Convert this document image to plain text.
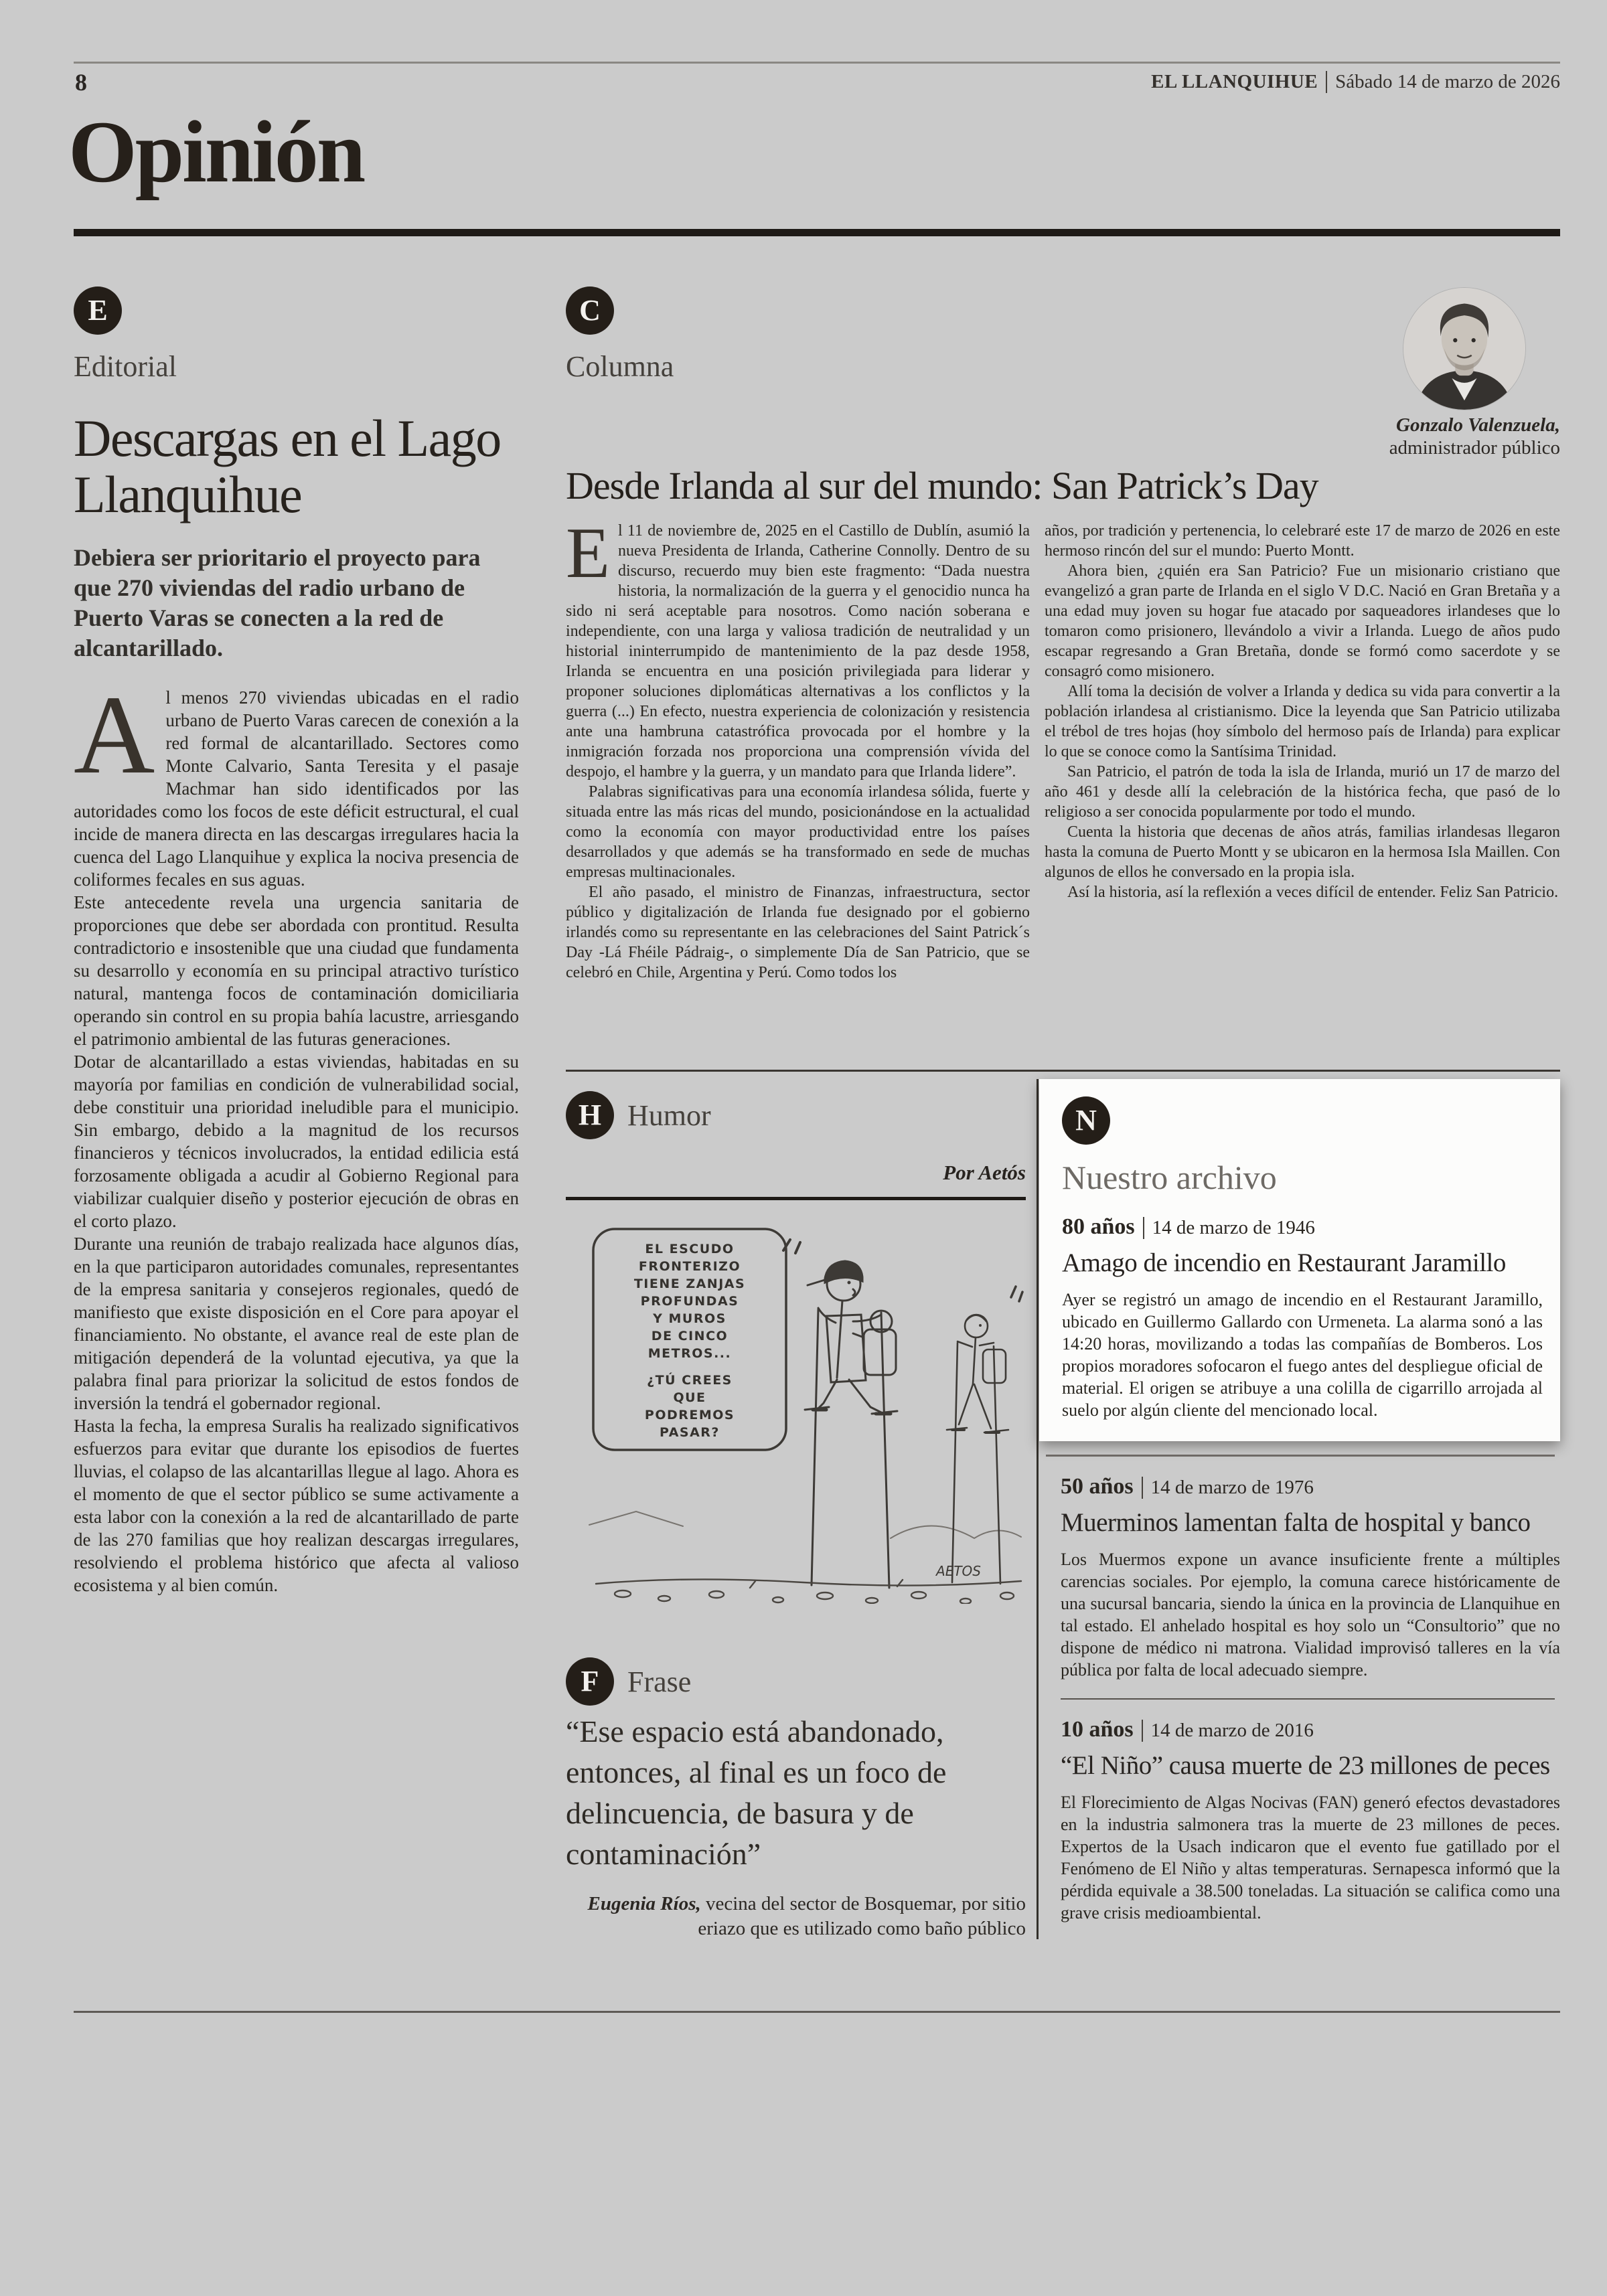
8	EL LLANQUIHUE Sábado 14 de marzo de 2026
Opinión
E
Editorial
Descargas en el Lago Llanquihue
Debiera ser prioritario el proyecto para que 270 viviendas del radio urbano de Puerto Varas se conecten a la red de alcantarillado.

Al menos 270 viviendas ubicadas en el radio urbano de Puerto Varas carecen de conexión a la red formal de alcantarillado. Sectores como Monte Calvario, Santa Teresita y el pasaje Machmar han sido identificados por las autoridades como los focos de este déficit estructural, el cual incide de manera directa en las descargas irregulares hacia la cuenca del Lago Llanquihue y explica la nociva presencia de coliformes fecales en sus aguas.

Este antecedente revela una urgencia sanitaria de proporciones que debe ser abordada con prontitud. Resulta contradictorio e insostenible que una ciudad que fundamenta su desarrollo y economía en su principal atractivo turístico natural, mantenga focos de contaminación domiciliaria operando sin control en su propia bahía lacustre, arriesgando el patrimonio ambiental de las futuras generaciones.

Dotar de alcantarillado a estas viviendas, habitadas en su mayoría por familias en condición de vulnerabilidad social, debe constituir una prioridad ineludible para el municipio. Sin embargo, debido a la magnitud de los recursos financieros y técnicos involucrados, la entidad edilicia está forzosamente obligada a acudir al Gobierno Regional para viabilizar cualquier diseño y posterior ejecución de obras en el corto plazo.

Durante una reunión de trabajo realizada hace algunos días, en la que participaron autoridades comunales, representantes de la empresa sanitaria y consejeros regionales, quedó de manifiesto que existe disposición en el Core para apoyar el financiamiento. No obstante, el avance real de este plan de mitigación dependerá de la voluntad ejecutiva, ya que la palabra final para priorizar la solicitud de estos fondos de inversión la tendrá el gobernador regional.

Hasta la fecha, la empresa Suralis ha realizado significativos esfuerzos para evitar que durante los episodios de fuertes lluvias, el colapso de las alcantarillas llegue al lago. Ahora es el momento de que el sector público se sume activamente a esta labor con la conexión a la red de alcantarillado de parte de las 270 familias que hoy realizan descargas irregulares, resolviendo el problema histórico que afecta al valioso ecosistema y al bien común.

C
Columna
Gonzalo Valenzuela,
administrador público
Desde Irlanda al sur del mundo: San Patrick’s Day

El 11 de noviembre de, 2025 en el Castillo de Dublín, asumió la nueva Presidenta de Irlanda, Catherine Connolly. Dentro de su discurso, recuerdo muy bien este fragmento: “Dada nuestra historia, la normalización de la guerra y el genocidio nunca ha sido ni será aceptable para nosotros. Como nación soberana e independiente, con una larga y valiosa tradición de neutralidad y un historial ininterrumpido de mantenimiento de la paz desde 1958, Irlanda se encuentra en una posición privilegiada para liderar y proponer soluciones diplomáticas alternativas a los conflictos y la guerra (...) En efecto, nuestra experiencia de colonización y resistencia ante una hambruna catastrófica provocada por el hombre y la inmigración forzada nos proporciona una comprensión vívida del despojo, el hambre y la guerra, y un mandato para que Irlanda lidere”.

Palabras significativas para una economía irlandesa sólida, fuerte y situada entre las más ricas del mundo, posicionándose en la actualidad como la economía con mayor productividad entre los países desarrollados y que además se ha transformado en sede de muchas empresas multinacionales.

El año pasado, el ministro de Finanzas, infraestructura, sector público y digitalización de Irlanda fue designado por el gobierno irlandés como su representante en las celebraciones del Saint Patrick´s Day -Lá Fhéile Pádraig-, o simplemente Día de San Patricio, que se celebró en Chile, Argentina y Perú. Como todos los

años, por tradición y pertenencia, lo celebraré este 17 de marzo de 2026 en este hermoso rincón del sur el mundo: Puerto Montt.

Ahora bien, ¿quién era San Patricio? Fue un misionario cristiano que evangelizó a gran parte de Irlanda en el siglo V D.C. Nació en Gran Bretaña y a una edad muy joven su hogar fue atacado por saqueadores irlandeses que lo tomaron como prisionero, llevándolo a vivir a Irlanda. Luego de años pudo escapar regresando a Gran Bretaña, donde se formó como sacerdote y se consagró como misionero.

Allí toma la decisión de volver a Irlanda y dedica su vida para convertir a la población irlandesa al cristianismo. Dice la leyenda que San Patricio utilizaba el trébol de tres hojas (hoy símbolo del hermoso país de Irlanda) para explicar lo que se conoce como la Santísima Trinidad.

San Patricio, el patrón de toda la isla de Irlanda, murió un 17 de marzo del año 461 y desde allí la celebración de la histórica fecha, que pasó de lo religioso a ser conocida popularmente por todo el mundo.

Cuenta la historia que decenas de años atrás, familias irlandesas llegaron hasta la comuna de Puerto Montt y se ubicaron en la hermosa Isla Maillen. Con algunos de ellos he conversado en la propia isla.

Así la historia, así la reflexión a veces difícil de entender. Feliz San Patricio.

H Humor
Por Aetós
EL ESCUDO
FRONTERIZO
TIENE ZANJAS
PROFUNDAS
Y MUROS
DE CINCO
METROS...
¿TÚ CREES
QUE
PODREMOS
PASAR?
AETOS
F Frase
“Ese espacio está abandonado, entonces, al final es un foco de delincuencia, de basura y de contaminación”
Eugenia Ríos, vecina del sector de Bosquemar, por sitio eriazo que es utilizado como baño público
N
Nuestro archivo
80 años 14 de marzo de 1946
Amago de incendio en Restaurant Jaramillo
Ayer se registró un amago de incendio en el Restaurant Jaramillo, ubicado en Guillermo Gallardo con Urmeneta. La alarma sonó a las 14:20 horas, movilizando a todas las compañías de Bomberos. Los propios moradores sofocaron el fuego antes del despliegue oficial de material. El origen se atribuye a una colilla de cigarrillo arrojada al suelo por algún cliente del mencionado local.
50 años 14 de marzo de 1976
Muerminos lamentan falta de hospital y banco
Los Muermos expone un avance insuficiente frente a múltiples carencias sociales. Por ejemplo, la comuna carece históricamente de una sucursal bancaria, siendo la única en la provincia de Llanquihue en tal estado. El anhelado hospital es hoy solo un “Consultorio” que no dispone de médico ni matrona. Vialidad improvisó talleres en la vía pública por falta de local adecuado siempre.
10 años 14 de marzo de 2016
“El Niño” causa muerte de 23 millones de peces
El Florecimiento de Algas Nocivas (FAN) generó efectos devastadores en la industria salmonera tras la muerte de 23 millones de peces. Expertos de la Usach indicaron que el evento fue gatillado por el Fenómeno de El Niño y altas temperaturas. Sernapesca informó que la pérdida equivale a 38.500 toneladas. La situación se califica como una grave crisis medioambiental.
